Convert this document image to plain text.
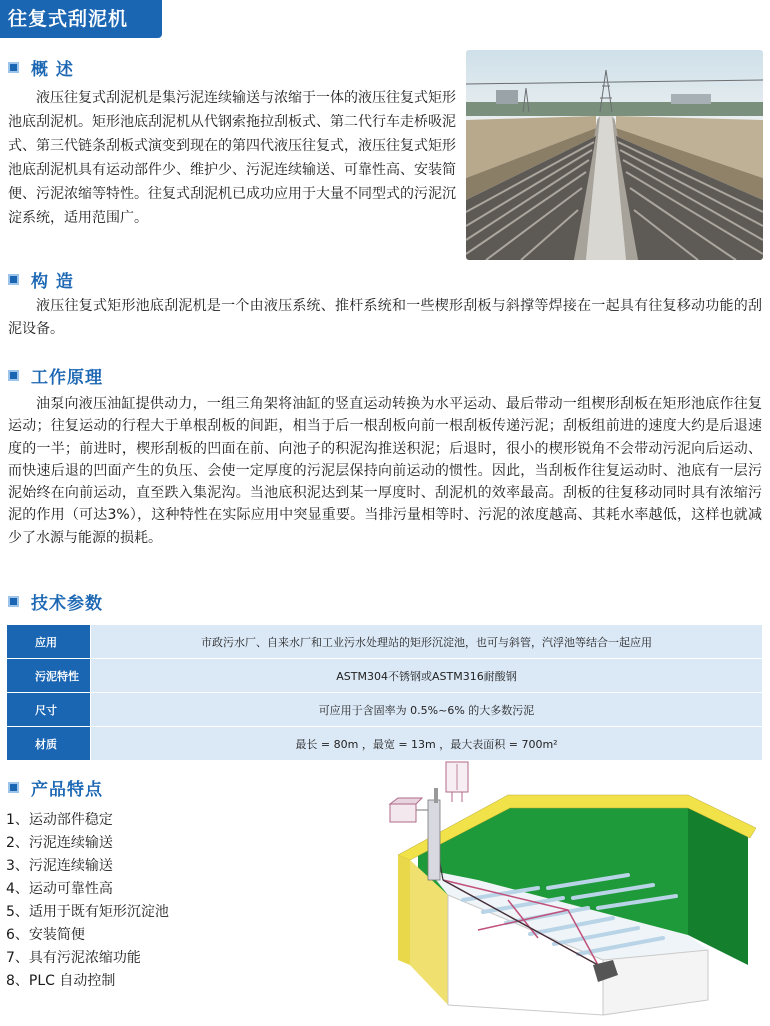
往复式刮泥机
概 述

液压往复式刮泥机是集污泥连续输送与浓缩于一体的液压往复式矩形池底刮泥机。矩形池底刮泥机从代钢索拖拉刮板式、第二代行车走桥吸泥式、第三代链条刮板式演变到现在的第四代液压往复式，液压往复式矩形池底刮泥机具有运动部件少、维护少、污泥连续输送、可靠性高、安装简便、污泥浓缩等特性。往复式刮泥机已成功应用于大量不同型式的污泥沉淀系统，适用范围广。

构 造

液压往复式矩形池底刮泥机是一个由液压系统、推杆系统和一些楔形刮板与斜撑等焊接在一起具有往复移动功能的刮泥设备。

工作原理

油泵向液压油缸提供动力，一组三角架将油缸的竖直运动转换为水平运动、最后带动一组楔形刮板在矩形池底作往复运动；往复运动的行程大于单根刮板的间距，相当于后一根刮板向前一根刮板传递污泥；刮板组前进的速度大约是后退速度的一半；前进时，楔形刮板的凹面在前、向池子的积泥沟推送积泥；后退时，很小的楔形锐角不会带动污泥向后运动、而快速后退的凹面产生的负压、会使一定厚度的污泥层保持向前运动的惯性。因此，当刮板作往复运动时、池底有一层污泥始终在向前运动，直至跌入集泥沟。当池底积泥达到某一厚度时、刮泥机的效率最高。刮板的往复移动同时具有浓缩污泥的作用（可达3%），这种特性在实际应用中突显重要。当排污量相等时、污泥的浓度越高、其耗水率越低，这样也就减少了水源与能源的损耗。

技术参数
应用	市政污水厂、自来水厂和工业污水处理站的矩形沉淀池，也可与斜管，汽浮池等结合一起应用
污泥特性	ASTM304不锈钢或ASTM316耐酸钢
尺寸	可应用于含固率为 0.5%~6% 的大多数污泥
材质	最长 = 80m ，最宽 = 13m ，最大表面积 = 700m²
产品特点
1、运动部件稳定
2、污泥连续输送
3、污泥连续输送
4、运动可靠性高
5、适用于既有矩形沉淀池
6、安装简便
7、具有污泥浓缩功能
8、PLC 自动控制
